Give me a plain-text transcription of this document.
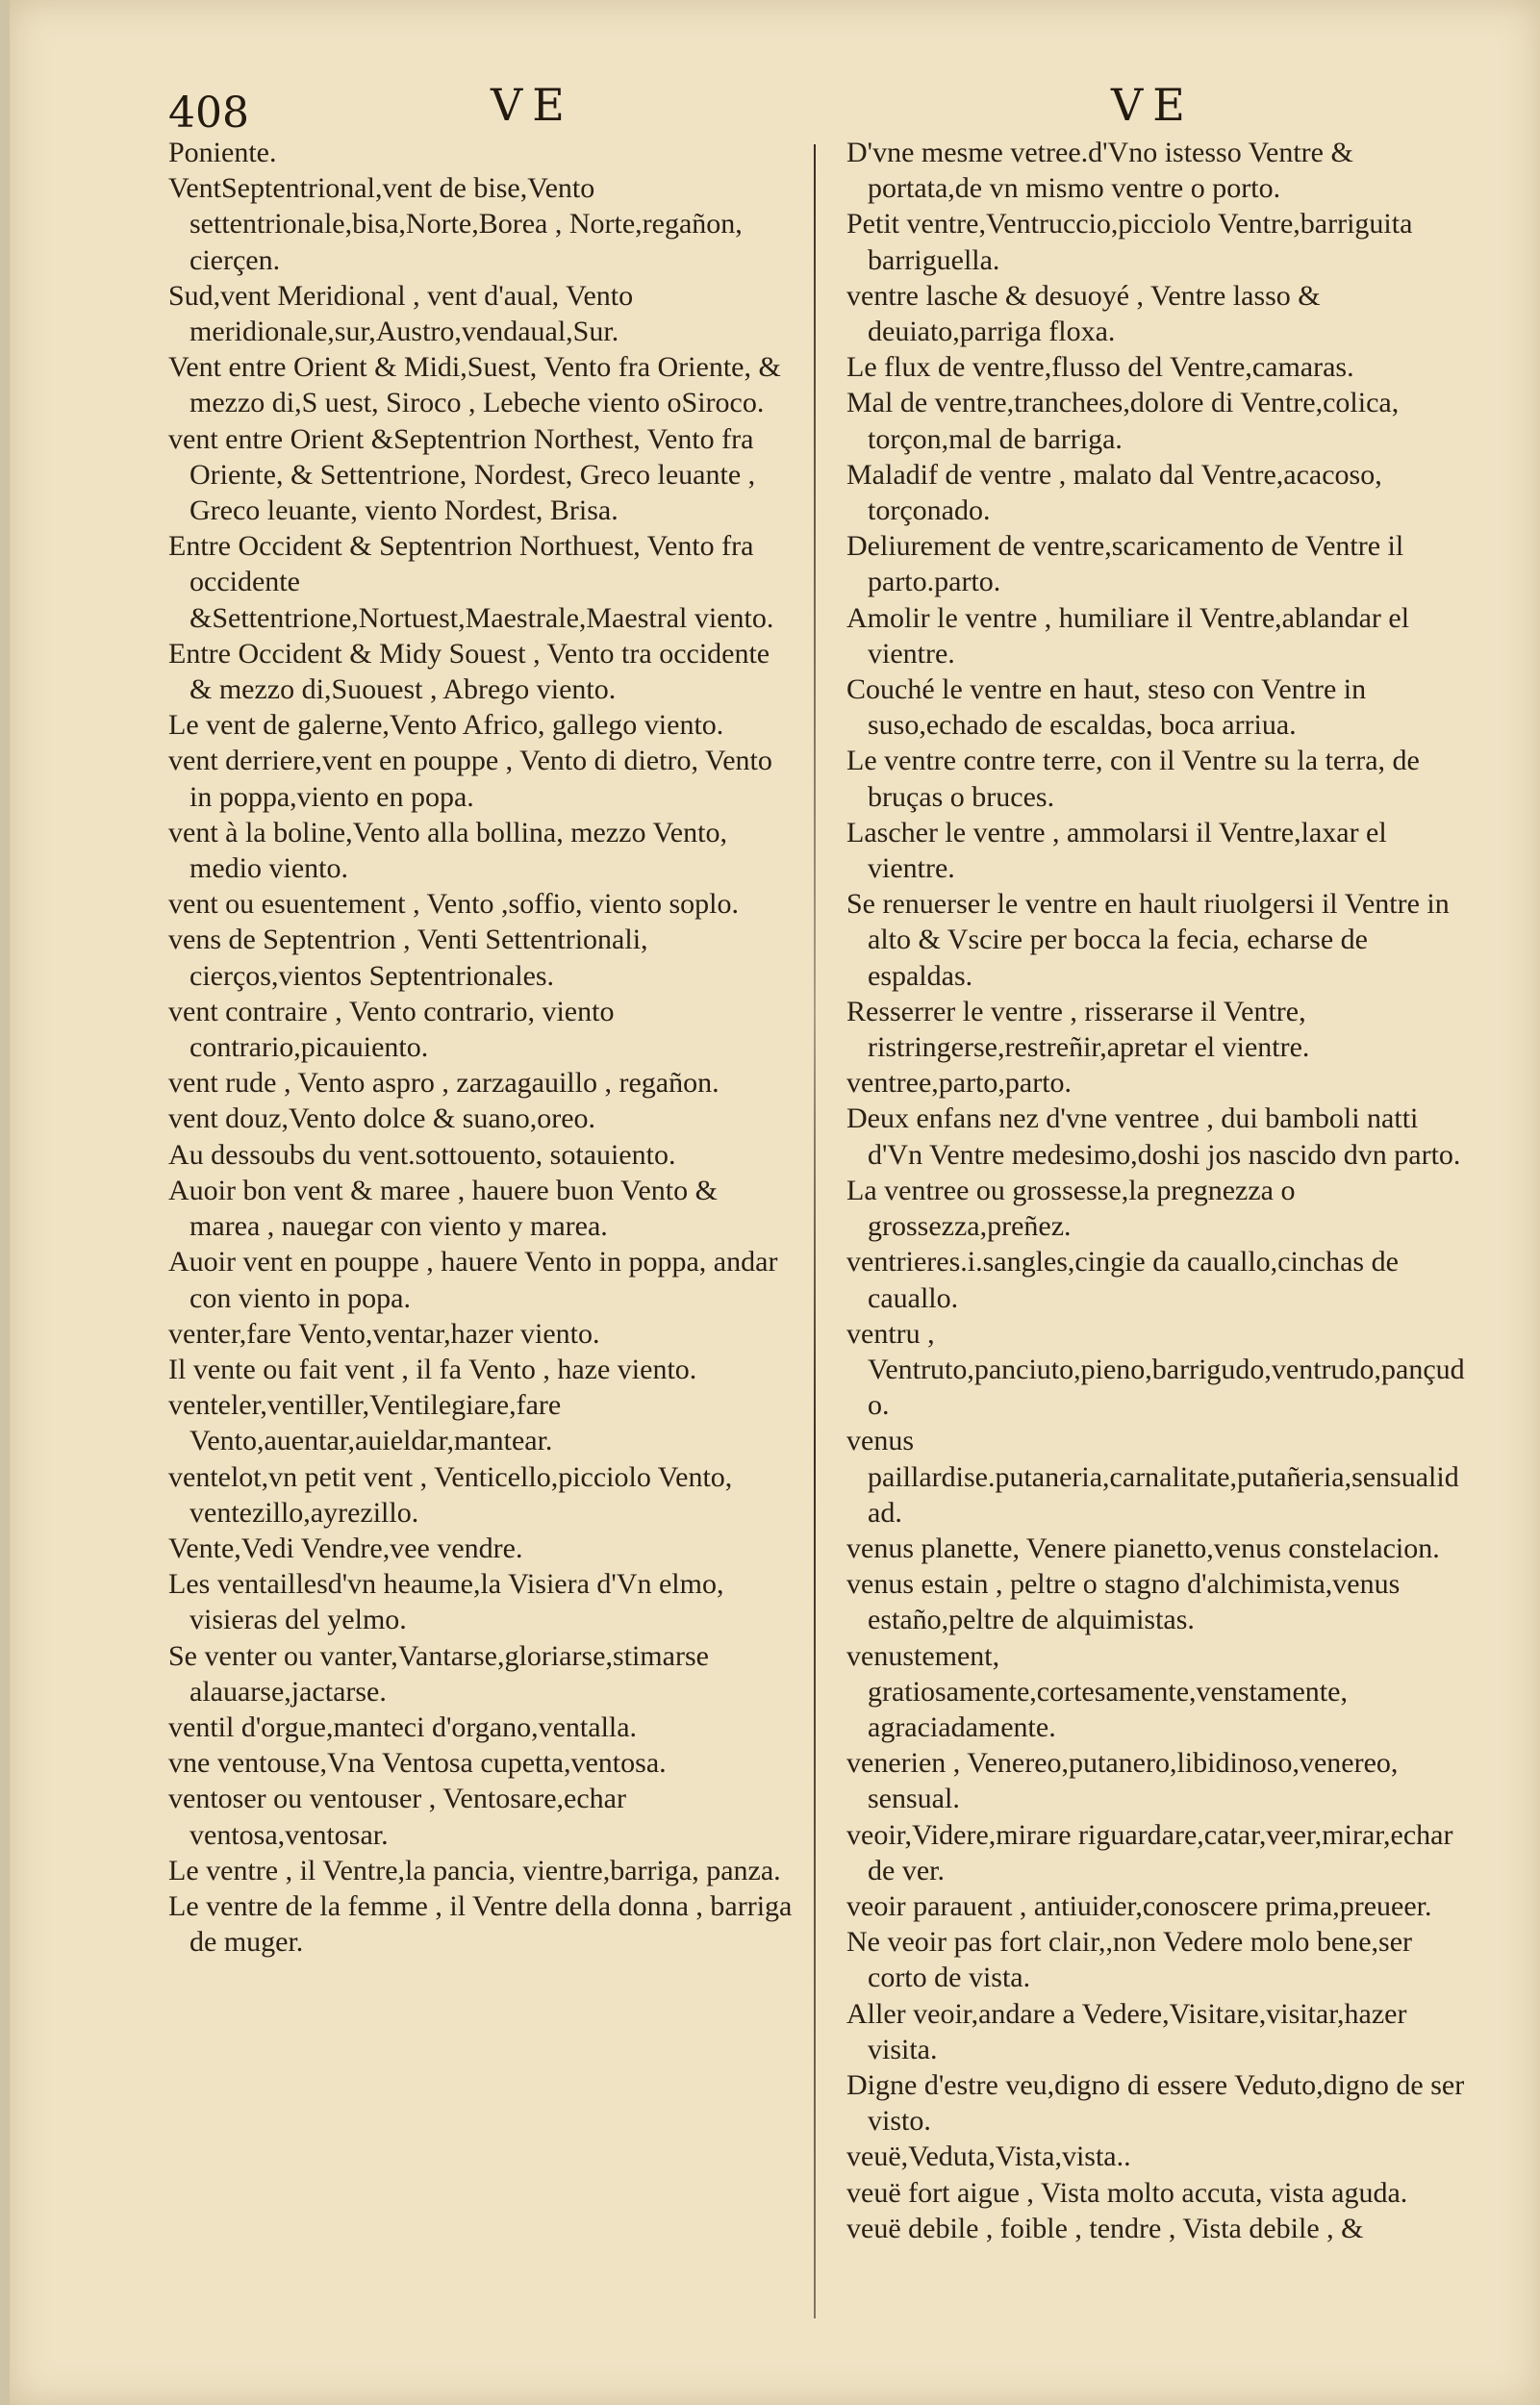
408	VE	VE

Poniente.

VentSeptentrional,vent de bise,Vento settentrionale,bisa,Norte,Borea , Norte,regañon, cierçen.

Sud,vent Meridional , vent d'aual, Vento meridionale,sur,Austro,vendaual,Sur.

Vent entre Orient & Midi,Suest, Vento fra Oriente, & mezzo di,S uest, Siroco , Lebeche viento oSiroco.

vent entre Orient &Septentrion Northest, Vento fra Oriente, & Settentrione, Nordest, Greco leuante , Greco leuante, viento Nordest, Brisa.

Entre Occident & Septentrion Northuest, Vento fra occidente &Settentrione,Nortuest,Maestrale,Maestral viento.

Entre Occident & Midy Souest , Vento tra occidente & mezzo di,Suouest , Abrego viento.

Le vent de galerne,Vento Africo, gallego viento.

vent derriere,vent en pouppe , Vento di dietro, Vento in poppa,viento en popa.

vent à la boline,Vento alla bollina, mezzo Vento, medio viento.

vent ou esuentement , Vento ,soffio, viento soplo.

vens de Septentrion , Venti Settentrionali, cierços,vientos Septentrionales.

vent contraire , Vento contrario, viento contrario,picauiento.

vent rude , Vento aspro , zarzagauillo , regañon.

vent douz,Vento dolce & suano,oreo.

Au dessoubs du vent.sottouento, sotauiento.

Auoir bon vent & maree , hauere buon Vento & marea , nauegar con viento y marea.

Auoir vent en pouppe , hauere Vento in poppa, andar con viento in popa.

venter,fare Vento,ventar,hazer viento.

Il vente ou fait vent , il fa Vento , haze viento.

venteler,ventiller,Ventilegiare,fare Vento,auentar,auieldar,mantear.

ventelot,vn petit vent , Venticello,picciolo Vento, ventezillo,ayrezillo.

Vente,Vedi Vendre,vee vendre.

Les ventaillesd'vn heaume,la Visiera d'Vn elmo, visieras del yelmo.

Se venter ou vanter,Vantarse,gloriarse,stimarse alauarse,jactarse.

ventil d'orgue,manteci d'organo,ventalla.

vne ventouse,Vna Ventosa cupetta,ventosa.

ventoser ou ventouser , Ventosare,echar ventosa,ventosar.

Le ventre , il Ventre,la pancia, vientre,barriga, panza.

Le ventre de la femme , il Ventre della donna , barriga de muger.

D'vne mesme vetree.d'Vno istesso Ventre & portata,de vn mismo ventre o porto.

Petit ventre,Ventruccio,picciolo Ventre,barriguita barriguella.

ventre lasche & desuoyé , Ventre lasso & deuiato,parriga floxa.

Le flux de ventre,flusso del Ventre,camaras.

Mal de ventre,tranchees,dolore di Ventre,colica, torçon,mal de barriga.

Maladif de ventre , malato dal Ventre,acacoso, torçonado.

Deliurement de ventre,scaricamento de Ventre il parto.parto.

Amolir le ventre , humiliare il Ventre,ablandar el vientre.

Couché le ventre en haut, steso con Ventre in suso,echado de escaldas, boca arriua.

Le ventre contre terre, con il Ventre su la terra, de bruças o bruces.

Lascher le ventre , ammolarsi il Ventre,laxar el vientre.

Se renuerser le ventre en hault riuolgersi il Ventre in alto & Vscire per bocca la fecia, echarse de espaldas.

Resserrer le ventre , risserarse il Ventre, ristringerse,restreñir,apretar el vientre.

ventree,parto,parto.

Deux enfans nez d'vne ventree , dui bamboli natti d'Vn Ventre medesimo,doshi jos nascido dvn parto.

La ventree ou grossesse,la pregnezza o grossezza,preñez.

ventrieres.i.sangles,cingie da cauallo,cinchas de cauallo.

ventru , Ventruto,panciuto,pieno,barrigudo,ventrudo,pançudo.

venus paillardise.putaneria,carnalitate,putañeria,sensualidad.

venus planette, Venere pianetto,venus constelacion.

venus estain , peltre o stagno d'alchimista,venus estaño,peltre de alquimistas.

venustement, gratiosamente,cortesamente,venstamente, agraciadamente.

venerien , Venereo,putanero,libidinoso,venereo, sensual.

veoir,Videre,mirare riguardare,catar,veer,mirar,echar de ver.

veoir parauent , antiuider,conoscere prima,preueer.

Ne veoir pas fort clair,,non Vedere molo bene,ser corto de vista.

Aller veoir,andare a Vedere,Visitare,visitar,hazer visita.

Digne d'estre veu,digno di essere Veduto,digno de ser visto.

veuë,Veduta,Vista,vista..

veuë fort aigue , Vista molto accuta, vista aguda.

veuë debile , foible , tendre , Vista debile , &
